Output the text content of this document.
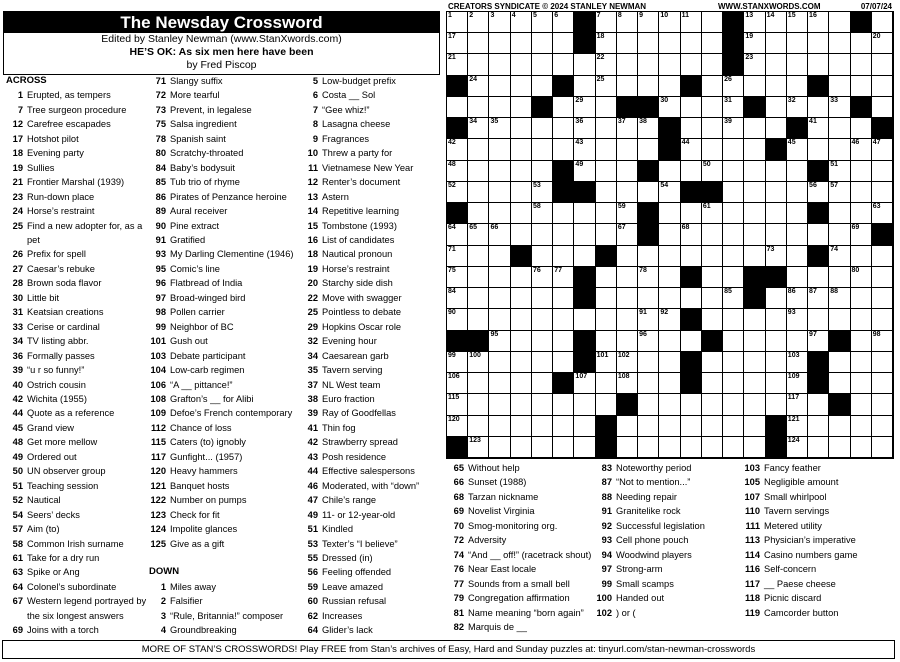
The Newsday Crossword
Edited by Stanley Newman (www.StanXwords.com)
HE’S OK: As six men here have been
by Fred Piscop
CREATORS SYNDICATE © 2024 STANLEY NEWMAN	WWW.STANXWORDS.COM	07/07/24
1 2 3 4 5 6	7 8 9 10 11	12 13 14 15 16
17	18	19	20
21	22	23
24	25	26	27
28	29	30	31	32	33
34 35	36	37 38	39	40 41
42	43	44	45	46 47
48	49	50	51
52	53	54 55	56 57
58	59 60	61	62	63
64 65 66	67	68	69 70
71	72	73	74
75	76 77	78	79	80
84	85	86 87 88
90	91 92	93
95	96	97	98
99 100	101 102	103
106	107	108	109
115	116	117
120	121
123	124
ACROSS
1 Erupted, as tempers
7 Tree surgeon procedure
12 Carefree escapades
17 Hotshot pilot
18 Evening party
19 Sullies
21 Frontier Marshal (1939)
23 Run-down place
24 Horse’s restraint
25 Find a new adopter for, as a
pet
26 Prefix for spell
27 Caesar’s rebuke
28 Brown soda flavor
30 Little bit
31 Keatsian creations
33 Cerise or cardinal
34 TV listing abbr.
36 Formally passes
39 “u r so funny!”
40 Ostrich cousin
42 Wichita (1955)
44 Quote as a reference
45 Grand view
48 Get more mellow
49 Ordered out
50 UN observer group
51 Teaching session
52 Nautical
54 Seers’ decks
57 Aim (to)
58 Common Irish surname
61 Take for a dry run
63 Spike or Ang
64 Colonel’s subordinate
67 Western legend portrayed by
the six longest answers
69 Joins with a torch
71 Slangy suffix
72 More tearful
73 Prevent, in legalese
75 Salsa ingredient
78 Spanish saint
80 Scratchy-throated
84 Baby’s bodysuit
85 Tub trio of rhyme
86 Pirates of Penzance heroine
89 Aural receiver
90 Pine extract
91 Gratified
93 My Darling Clementine (1946)
95 Comic’s line
96 Flatbread of India
97 Broad-winged bird
98 Pollen carrier
99 Neighbor of BC
101 Gush out
103 Debate participant
104 Low-carb regimen
106 “A __ pittance!”
108 Grafton’s __ for Alibi
109 Defoe’s French contemporary
112 Chance of loss
115 Caters (to) ignobly
117 Gunfight... (1957)
120 Heavy hammers
121 Banquet hosts
122 Number on pumps
123 Check for fit
124 Impolite glances
125 Give as a gift
DOWN
1 Miles away
2 Falsifier
3 “Rule, Britannia!” composer
4 Groundbreaking
5 Low-budget prefix
6 Costa __ Sol
7 “Gee whiz!”
8 Lasagna cheese
9 Fragrances
10 Threw a party for
11 Vietnamese New Year
12 Renter’s document
13 Astern
14 Repetitive learning
15 Tombstone (1993)
16 List of candidates
18 Nautical pronoun
19 Horse’s restraint
20 Starchy side dish
22 Move with swagger
25 Pointless to debate
29 Hopkins Oscar role
32 Evening hour
34 Caesarean garb
35 Tavern serving
37 NL West team
38 Euro fraction
39 Ray of Goodfellas
41 Thin fog
42 Strawberry spread
43 Posh residence
44 Effective salespersons
46 Moderated, with “down”
47 Chile’s range
49 11- or 12-year-old
51 Kindled
53 Texter’s “I believe”
55 Dressed (in)
56 Feeling offended
59 Leave amazed
60 Russian refusal
62 Increases
64 Glider’s lack
65 Without help
66 Sunset (1988)
68 Tarzan nickname
69 Novelist Virginia
70 Smog-monitoring org.
72 Adversity
74 “And __ off!” (racetrack shout)
76 Near East locale
77 Sounds from a small bell
79 Congregation affirmation
81 Name meaning “born again”
82 Marquis de __
83 Noteworthy period
87 “Not to mention...”
88 Needing repair
91 Granitelike rock
92 Successful legislation
93 Cell phone pouch
94 Woodwind players
97 Strong-arm
99 Small scamps
100 Handed out
102 ) or (
103 Fancy feather
105 Negligible amount
107 Small whirlpool
110 Tavern servings
111 Metered utility
113 Physician’s imperative
114 Casino numbers game
116 Self-concern
117 __ Paese cheese
118 Picnic discard
119 Camcorder button
MORE OF STAN’S CROSSWORDS! Play FREE from Stan’s archives of Easy, Hard and Sunday puzzles at: tinyurl.com/stan-newman-crosswords
